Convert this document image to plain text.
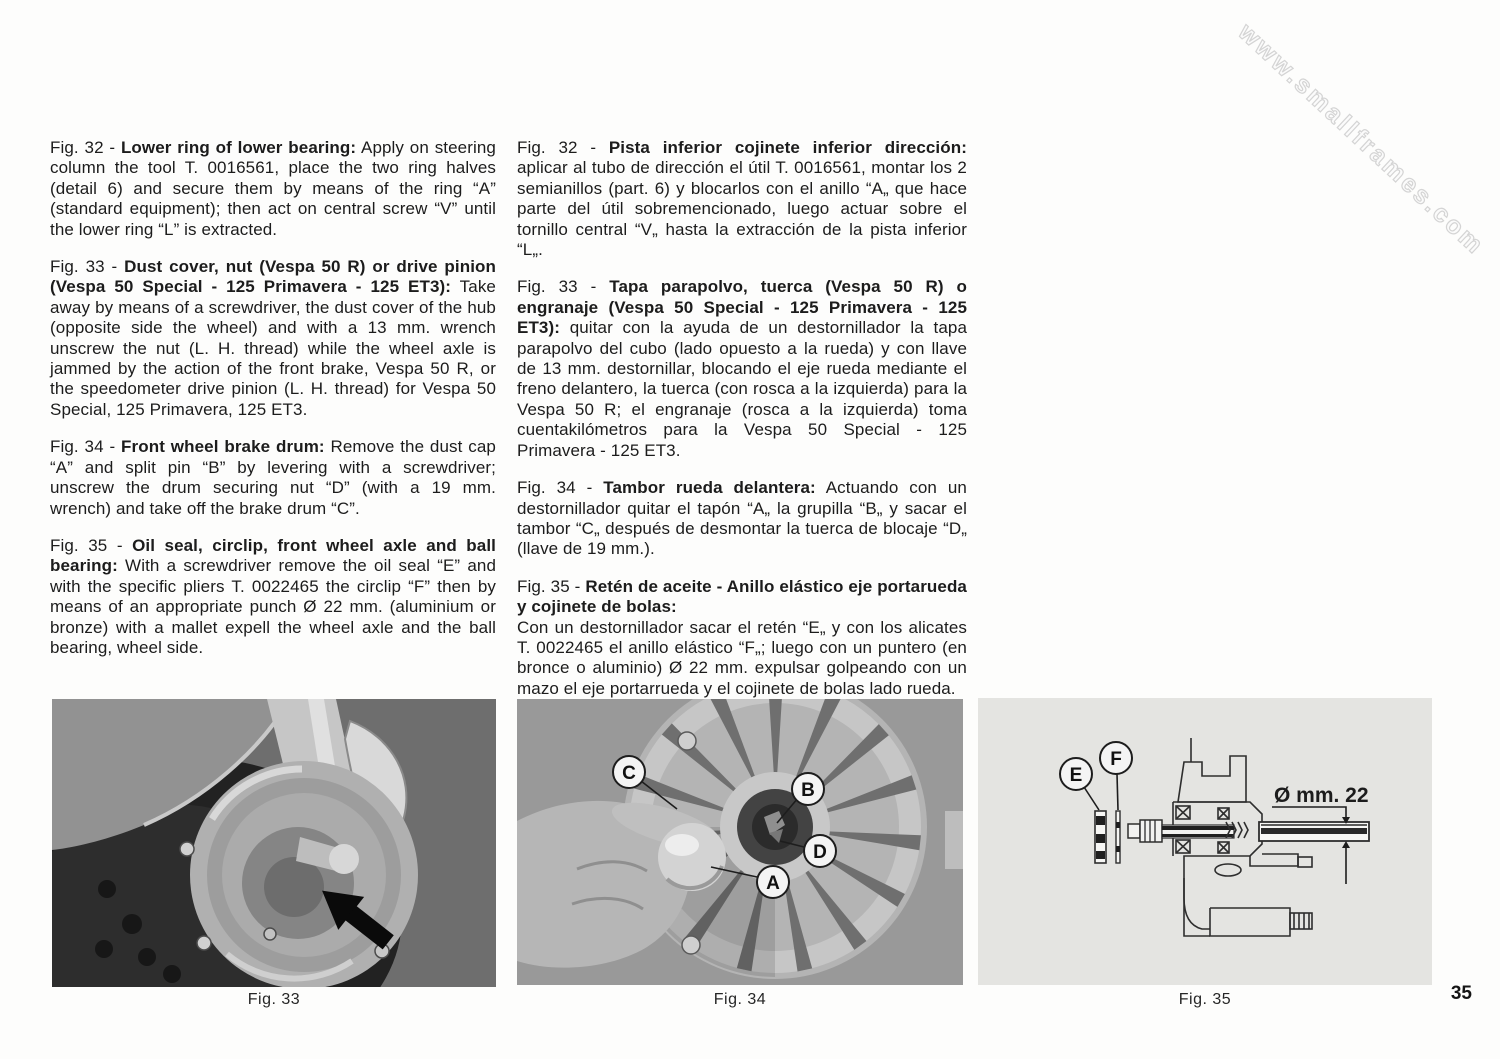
www.smallframes.com

Fig. 32 - Lower ring of lower bearing: Apply on steering column the tool T. 0016561, place the two ring halves (detail 6) and secure them by means of the ring “A” (standard equipment); then act on central screw “V” until the lower ring “L” is extracted.

Fig. 33 - Dust cover, nut (Vespa 50 R) or drive pinion (Vespa 50 Special - 125 Primavera - 125 ET3): Take away by means of a screwdriver, the dust cover of the hub (opposite side the wheel) and with a 13 mm. wrench unscrew the nut (L. H. thread) while the wheel axle is jammed by the action of the front brake, Vespa 50 R, or the speedometer drive pinion (L. H. thread) for Vespa 50 Special, 125 Primavera, 125 ET3.

Fig. 34 - Front wheel brake drum: Remove the dust cap “A” and split pin “B” by levering with a screwdriver; unscrew the drum securing nut “D” (with a 19 mm. wrench) and take off the brake drum “C”.

Fig. 35 - Oil seal, circlip, front wheel axle and ball bearing: With a screwdriver remove the oil seal “E” and with the specific pliers T. 0022465 the circlip “F” then by means of an appropriate punch Ø 22 mm. (aluminium or bronze) with a mallet expell the wheel axle and the ball bearing, wheel side.

Fig. 32 - Pista inferior cojinete inferior dirección: aplicar al tubo de dirección el útil T. 0016561, montar los 2 semianillos (part. 6) y blocarlos con el anillo “A„ que hace parte del útil sobremencionado, luego actuar sobre el tornillo central “V„ hasta la extracción de la pista inferior “L„.

Fig. 33 - Tapa parapolvo, tuerca (Vespa 50 R) o engranaje (Vespa 50 Special - 125 Primavera - 125 ET3): quitar con la ayuda de un destornillador la tapa parapolvo del cubo (lado opuesto a la rueda) y con llave de 13 mm. destornillar, blocando el eje rueda mediante el freno delantero, la tuerca (con rosca a la izquierda) para la Vespa 50 R; el engranaje (rosca a la izquierda) toma cuentakilómetros para la Vespa 50 Special - 125 Primavera - 125 ET3.

Fig. 34 - Tambor rueda delantera: Actuando con un destornillador quitar el tapón “A„ la grupilla “B„ y sacar el tambor “C„ después de desmontar la tuerca de blocaje “D„ (llave de 19 mm.).

Fig. 35 - Retén de aceite - Anillo elástico eje portarueda y cojinete de bolas:
Con un destornillador sacar el retén “E„ y con los alicates T. 0022465 el anillo elástico “F„; luego con un puntero (en bronce o aluminio) Ø 22 mm. expulsar golpeando con un mazo el eje portarrueda y el cojinete de bolas lado rueda.

C
B
D
A
E
F
Ø mm. 22
Fig. 33	Fig. 34	Fig. 35	35
